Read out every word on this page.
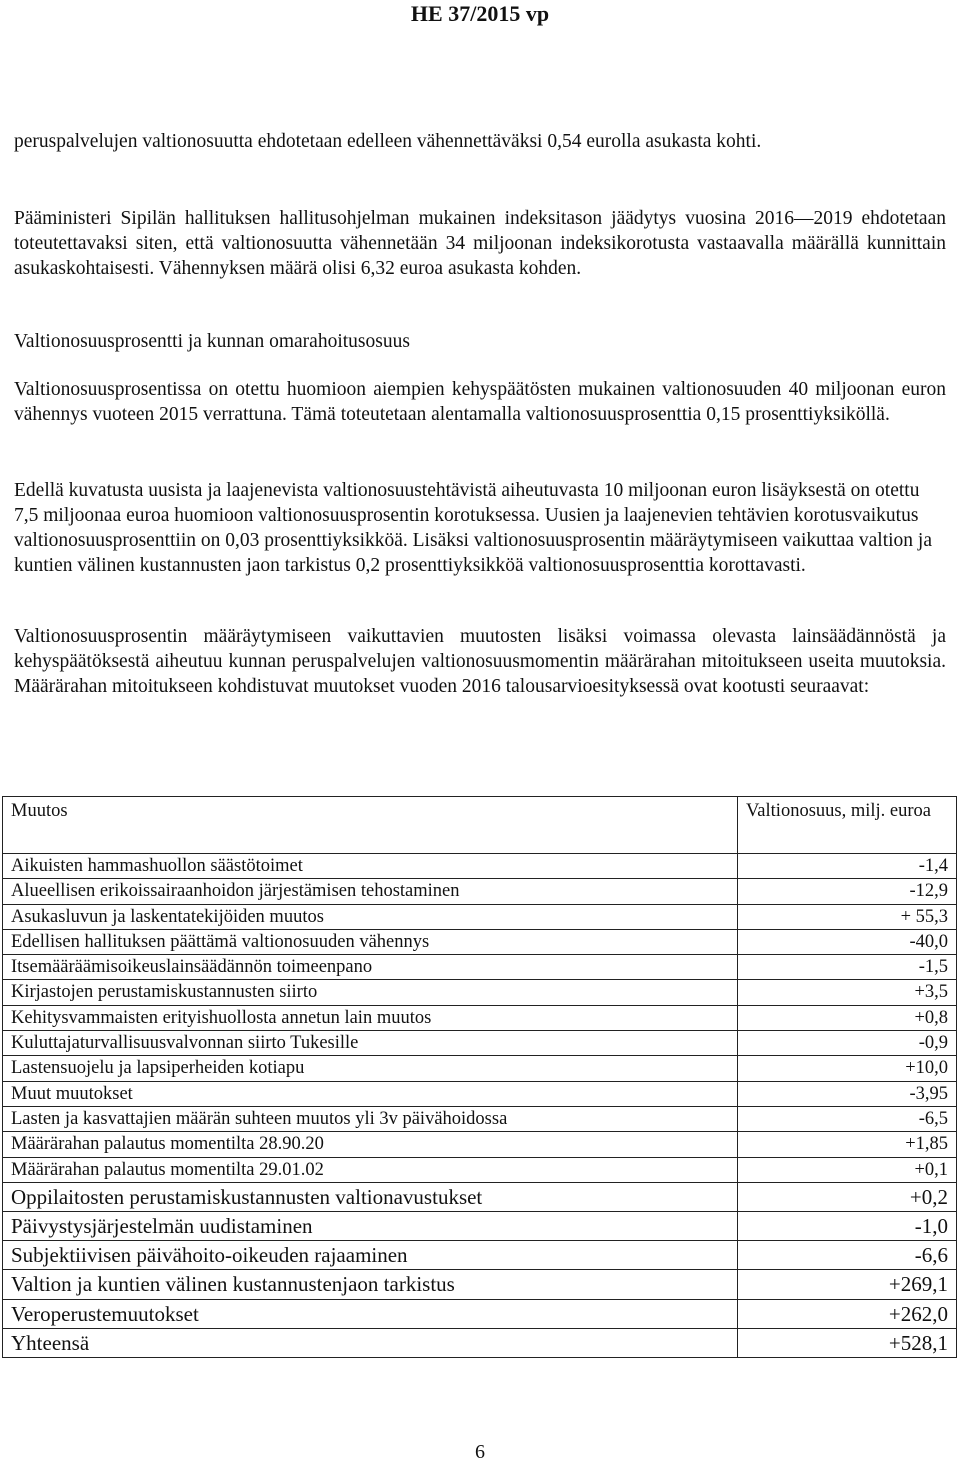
HE 37/2015 vp

peruspalvelujen valtionosuutta ehdotetaan edelleen vähennettäväksi 0,54 eurolla asukasta kohti.

Pääministeri Sipilän hallituksen hallitusohjelman mukainen indeksitason jäädytys vuosina 2016—2019 ehdotetaan toteutettavaksi siten, että valtionosuutta vähennetään 34 miljoonan indeksikorotusta vastaavalla määrällä kunnittain asukaskohtaisesti. Vähennyksen määrä olisi 6,32 euroa asukasta kohden.

Valtionosuusprosentti ja kunnan omarahoitusosuus

Valtionosuusprosentissa on otettu huomioon aiempien kehyspäätösten mukainen valtionosuuden 40 miljoonan euron vähennys vuoteen 2015 verrattuna. Tämä toteutetaan alentamalla valtionosuusprosenttia 0,15 prosenttiyksiköllä.

Edellä kuvatusta uusista ja laajenevista valtionosuustehtävistä aiheutuvasta 10 miljoonan euron lisäyksestä on otettu 7,5 miljoonaa euroa huomioon valtionosuusprosentin korotuksessa. Uusien ja laajenevien tehtävien korotusvaikutus valtionosuusprosenttiin on 0,03 prosenttiyksikköä. Lisäksi valtionosuusprosentin määräytymiseen vaikuttaa valtion ja kuntien välinen kustannusten jaon tarkistus 0,2 prosenttiyksikköä valtionosuusprosenttia korottavasti.

Valtionosuusprosentin määräytymiseen vaikuttavien muutosten lisäksi voimassa olevasta lainsäädännöstä ja kehyspäätöksestä aiheutuu kunnan peruspalvelujen valtionosuusmomentin määrärahan mitoitukseen useita muutoksia. Määrärahan mitoitukseen kohdistuvat muutokset vuoden 2016 talousarvioesityksessä ovat kootusti seuraavat:

Muutos	Valtionosuus, milj. euroa
Aikuisten hammashuollon säästötoimet	-1,4
Alueellisen erikoissairaanhoidon järjestämisen tehostaminen	-12,9
Asukasluvun ja laskentatekijöiden muutos	+ 55,3
Edellisen hallituksen päättämä valtionosuuden vähennys	-40,0
Itsemääräämisoikeuslainsäädännön toimeenpano	-1,5
Kirjastojen perustamiskustannusten siirto	+3,5
Kehitysvammaisten erityishuollosta annetun lain muutos	+0,8
Kuluttajaturvallisuusvalvonnan siirto Tukesille	-0,9
Lastensuojelu ja lapsiperheiden kotiapu	+10,0
Muut muutokset	-3,95
Lasten ja kasvattajien määrän suhteen muutos yli 3v päivähoidossa	-6,5
Määrärahan palautus momentilta 28.90.20	+1,85
Määrärahan palautus momentilta 29.01.02	+0,1
Oppilaitosten perustamiskustannusten valtionavustukset	+0,2
Päivystysjärjestelmän uudistaminen	-1,0
Subjektiivisen päivähoito-oikeuden rajaaminen	-6,6
Valtion ja kuntien välinen kustannustenjaon tarkistus	+269,1
Veroperustemuutokset	+262,0
Yhteensä	+528,1
6
